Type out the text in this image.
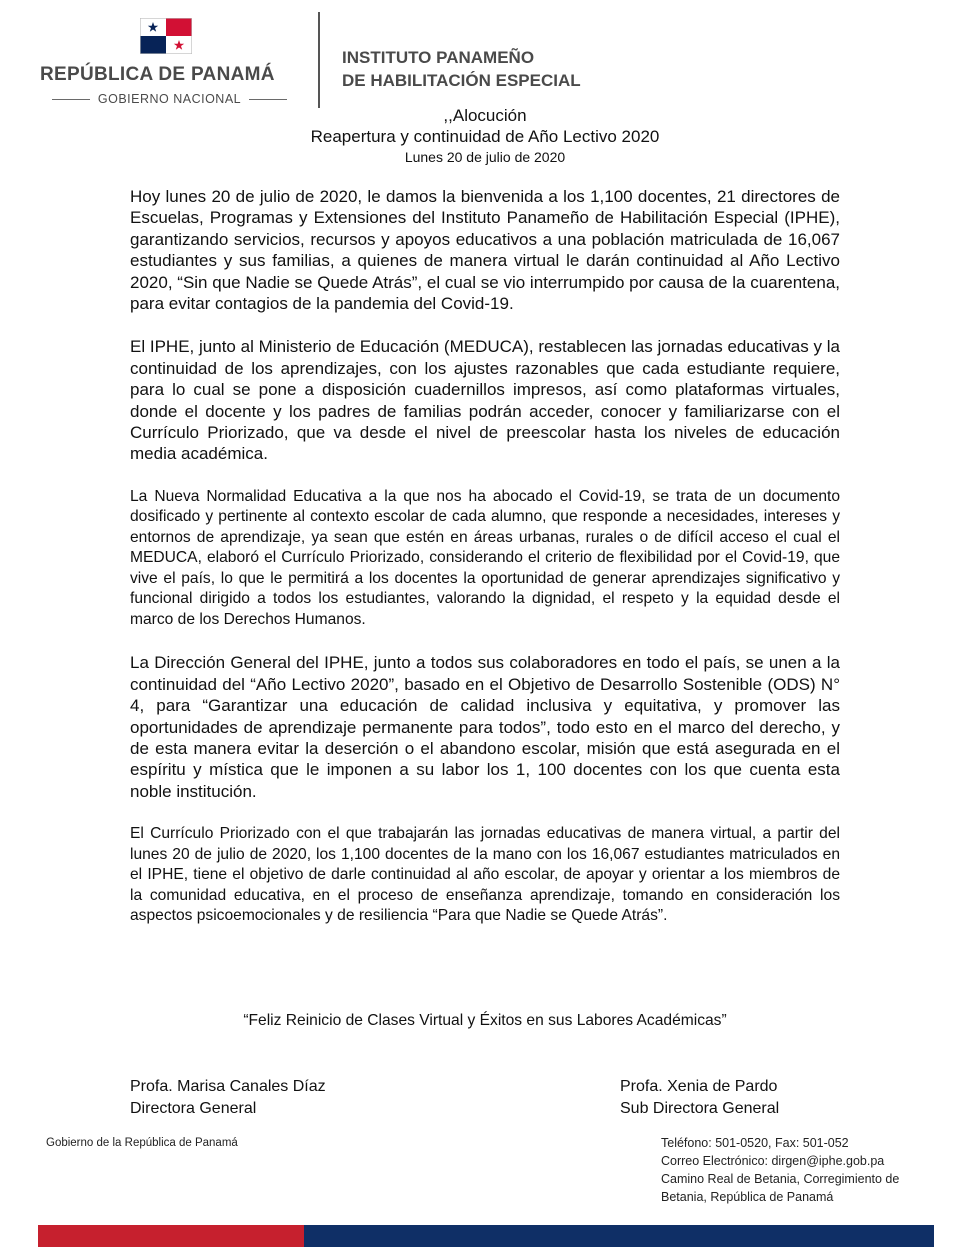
REPÚBLICA DE PANAMÁ
GOBIERNO NACIONAL
INSTITUTO PANAMEÑO
DE HABILITACIÓN ESPECIAL
,,Alocución
Reapertura y continuidad de Año Lectivo 2020
Lunes 20 de julio de 2020

Hoy lunes 20 de julio de 2020, le damos la bienvenida a los 1,100 docentes, 21 directores de Escuelas, Programas y Extensiones del Instituto Panameño de Habilitación Especial (IPHE), garantizando servicios, recursos y apoyos educativos a una población matriculada de 16,067 estudiantes y sus familias, a quienes de manera virtual le darán continuidad al Año Lectivo 2020, “Sin que Nadie se Quede Atrás”, el cual se vio interrumpido por causa de la cuarentena, para evitar contagios de la pandemia del Covid-19.

El IPHE, junto al Ministerio de Educación (MEDUCA), restablecen las jornadas educativas y la continuidad de los aprendizajes, con los ajustes razonables que cada estudiante requiere, para lo cual se pone a disposición cuadernillos impresos, así como plataformas virtuales, donde el docente y los padres de familias podrán acceder, conocer y familiarizarse con el Currículo Priorizado, que va desde el nivel de preescolar hasta los niveles de educación media académica.

La Nueva Normalidad Educativa a la que nos ha abocado el Covid-19, se trata de un documento dosificado y pertinente al contexto escolar de cada alumno, que responde a necesidades, intereses y entornos de aprendizaje, ya sean que estén en áreas urbanas, rurales o de difícil acceso el cual el MEDUCA, elaboró el Currículo Priorizado, considerando el criterio de flexibilidad por el Covid-19, que vive el país, lo que le permitirá a los docentes la oportunidad de generar aprendizajes significativo y funcional dirigido a todos los estudiantes, valorando la dignidad, el respeto y la equidad desde el marco de los Derechos Humanos.

La Dirección General del IPHE, junto a todos sus colaboradores en todo el país, se unen a la continuidad del “Año Lectivo 2020”, basado en el Objetivo de Desarrollo Sostenible (ODS) N° 4, para “Garantizar una educación de calidad inclusiva y equitativa, y promover las oportunidades de aprendizaje permanente para todos”, todo esto en el marco del derecho, y de esta manera evitar la deserción o el abandono escolar, misión que está asegurada en el espíritu y mística que le imponen a su labor los 1, 100 docentes con los que cuenta esta noble institución.

El Currículo Priorizado con el que trabajarán las jornadas educativas de manera virtual, a partir del lunes 20 de julio de 2020, los 1,100 docentes de la mano con los 16,067 estudiantes matriculados en el IPHE, tiene el objetivo de darle continuidad al año escolar, de apoyar y orientar a los miembros de la comunidad educativa, en el proceso de enseñanza aprendizaje, tomando en consideración los aspectos psicoemocionales y de resiliencia “Para que Nadie se Quede Atrás”.

“Feliz Reinicio de Clases Virtual y Éxitos en sus Labores Académicas”
Profa. Marisa Canales Díaz
Directora General
Profa. Xenia de Pardo
Sub Directora General
Gobierno de la República de Panamá	Teléfono: 501-0520, Fax: 501-052
Correo Electrónico: dirgen@iphe.gob.pa
Camino Real de Betania, Corregimiento de
Betania, República de Panamá
